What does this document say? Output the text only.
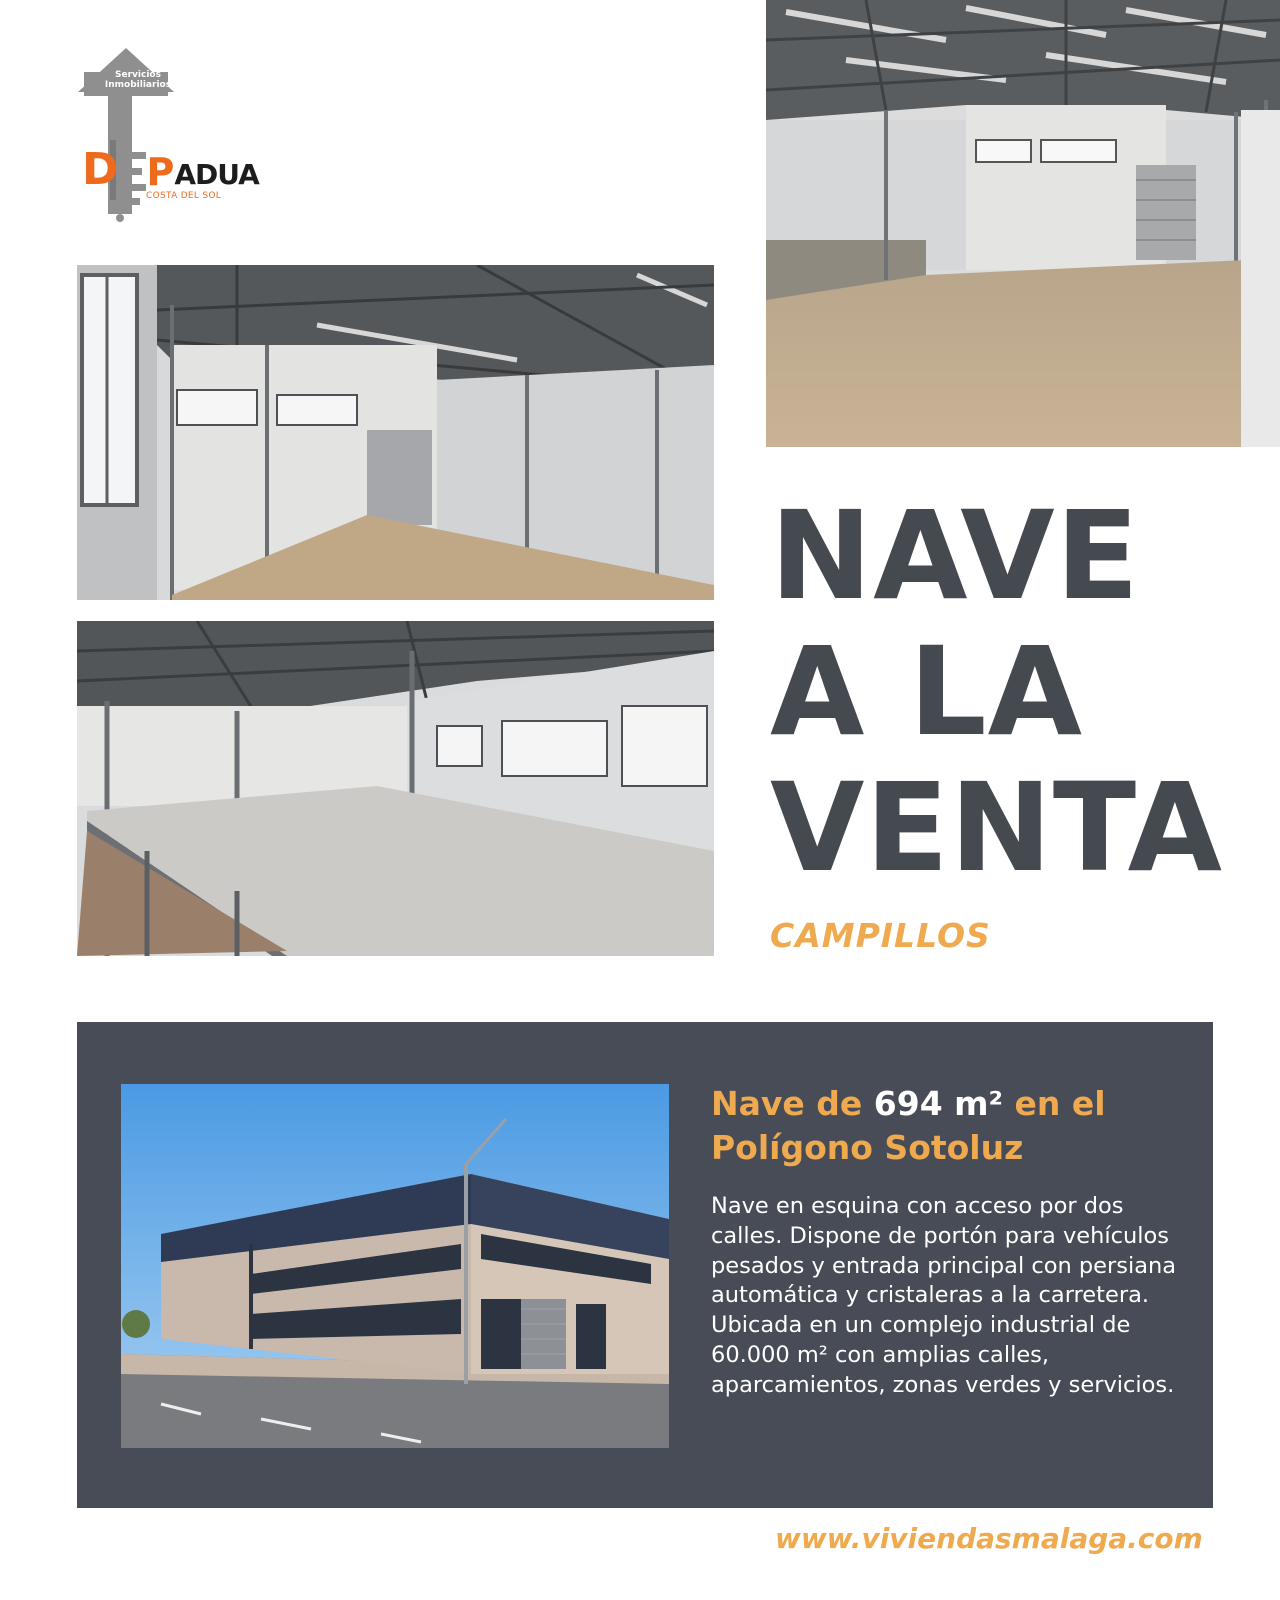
Servicios
Inmobiliarios
D P ADUA
COSTA DEL SOL
NAVE
A LA
VENTA
CAMPILLOS
Nave de 694 m² en el
Polígono Sotoluz

Nave en esquina con acceso por dos calles. Dispone de portón para vehículos pesados y entrada principal con persiana automática y cristaleras a la carretera.

Ubicada en un complejo industrial de 60.000 m² con amplias calles, aparcamientos, zonas verdes y servicios.

www.viviendasmalaga.com
